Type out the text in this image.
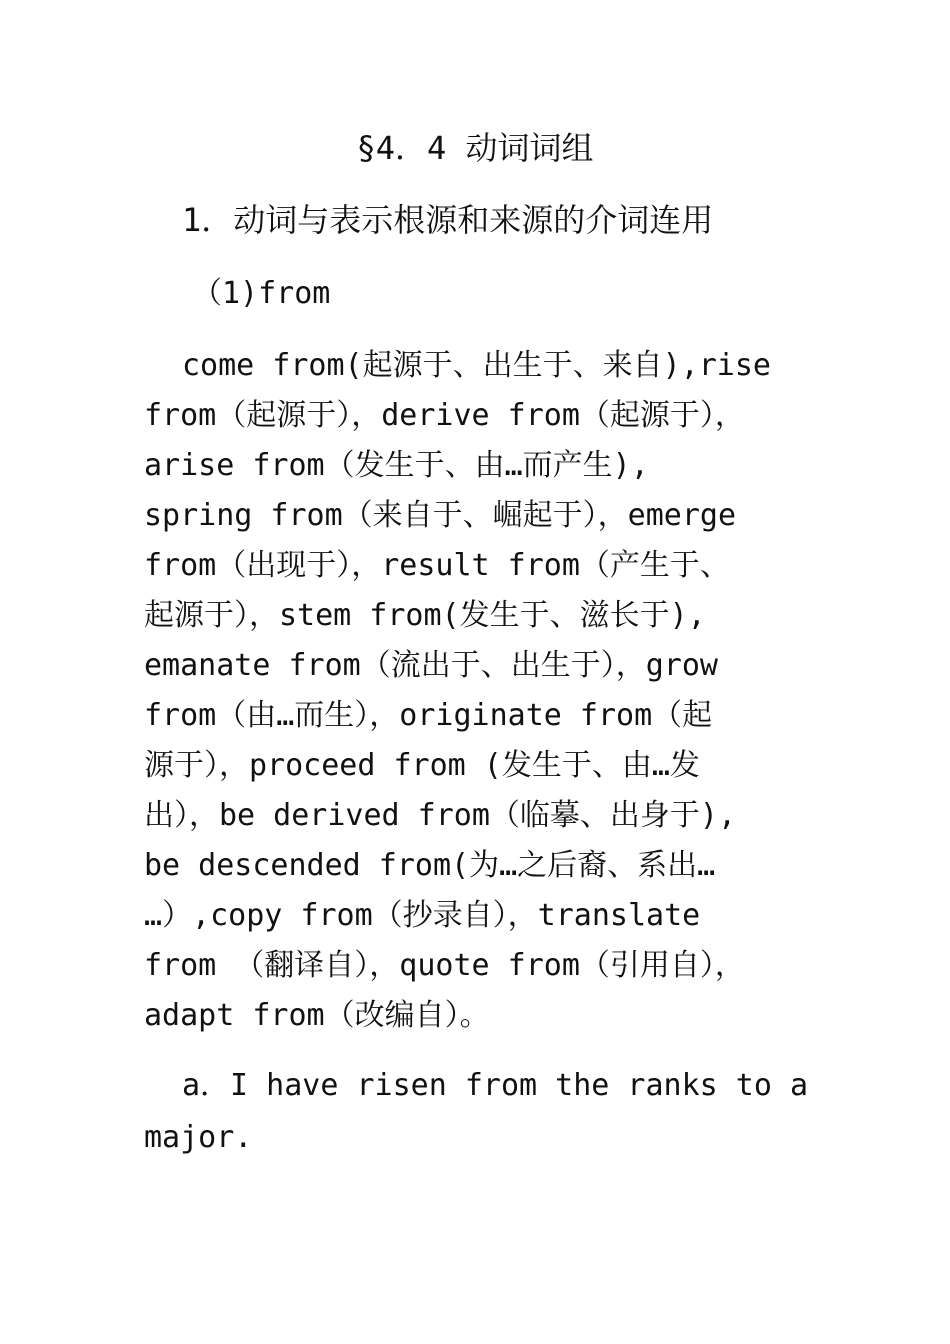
§4．4 动词词组
1．动词与表示根源和来源的介词连用
（1)from
come from(起源于、出生于、来自),rise
from（起源于），derive from（起源于），
arise from（发生于、由…而产生),
spring from（来自于、崛起于），emerge
from（出现于），result from（产生于、
起源于），stem from(发生于、滋长于),
emanate from（流出于、出生于），grow
from（由…而生），originate from（起
源于），proceed from (发生于、由…发
出），be derived from（临摹、出身于),
be descended from(为…之后裔、系出…
…）,copy from（抄录自），translate
from （翻译自），quote from（引用自），
adapt from（改编自）。
a．I have risen from the ranks to a
major.
